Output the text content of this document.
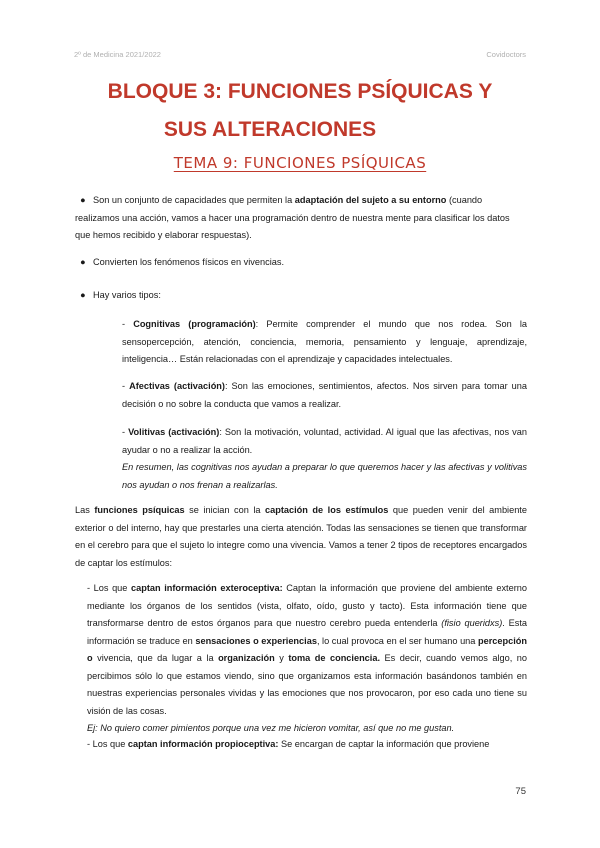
2º de Medicina 2021/2022	Covidoctors
BLOQUE 3: FUNCIONES PSÍQUICAS Y
SUS ALTERACIONES
TEMA 9: FUNCIONES PSÍQUICAS
● Son un conjunto de capacidades que permiten la adaptación del sujeto a su entorno (cuando realizamos una acción, vamos a hacer una programación dentro de nuestra mente para clasificar los datos que hemos recibido y elaborar respuestas).
● Convierten los fenómenos físicos en vivencias.
● Hay varios tipos:
- Cognitivas (programación): Permite comprender el mundo que nos rodea. Son la sensopercepción, atención, conciencia, memoria, pensamiento y lenguaje, aprendizaje, inteligencia… Están relacionadas con el aprendizaje y capacidades intelectuales.
- Afectivas (activación): Son las emociones, sentimientos, afectos. Nos sirven para tomar una decisión o no sobre la conducta que vamos a realizar.
- Volitivas (activación): Son la motivación, voluntad, actividad. Al igual que las afectivas, nos van ayudar o no a realizar la acción.
En resumen, las cognitivas nos ayudan a preparar lo que queremos hacer y las afectivas y volitivas nos ayudan o nos frenan a realizarlas.
Las funciones psíquicas se inician con la captación de los estímulos que pueden venir del ambiente exterior o del interno, hay que prestarles una cierta atención. Todas las sensaciones se tienen que transformar en el cerebro para que el sujeto lo integre como una vivencia. Vamos a tener 2 tipos de receptores encargados de captar los estímulos:
- Los que captan información exteroceptiva: Captan la información que proviene del ambiente externo mediante los órganos de los sentidos (vista, olfato, oído, gusto y tacto). Esta información tiene que transformarse dentro de estos órganos para que nuestro cerebro pueda entenderla (fisio queridxs). Esta información se traduce en sensaciones o experiencias, lo cual provoca en el ser humano una percepción o vivencia, que da lugar a la organización y toma de conciencia. Es decir, cuando vemos algo, no percibimos sólo lo que estamos viendo, sino que organizamos esta información basándonos también en nuestras experiencias personales vividas y las emociones que nos provocaron, por eso cada uno tiene su visión de las cosas.
Ej: No quiero comer pimientos porque una vez me hicieron vomitar, así que no me gustan.
- Los que captan información propioceptiva: Se encargan de captar la información que proviene
75
